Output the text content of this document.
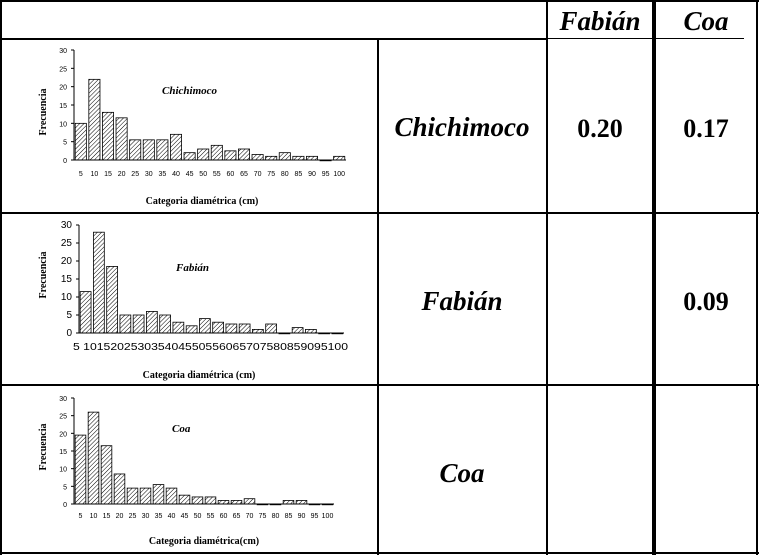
Fabián	Coa
Chichimoco
Fabián
Coa
0.20	0.17
0.09
Chichimoco
Frecuencia
Categoria diamétrica (cm)
0
5
10
15
20
25
30
5 10 15 20 25 30 35 40 45 50 55 60 65 70 75 80 85 90 95 100
Fabián
Frecuencia
Categoria diamétrica (cm)
0
5
10
15
20
25
30
5 101520253035404550556065707580859095100
Coa
Frecuencia
Categoria diamétrica(cm)
0
5
10
15
20
25
30
5 10 15 20 25 30 35 40 45 50 55 60 65 70 75 80 85 90 95 100
